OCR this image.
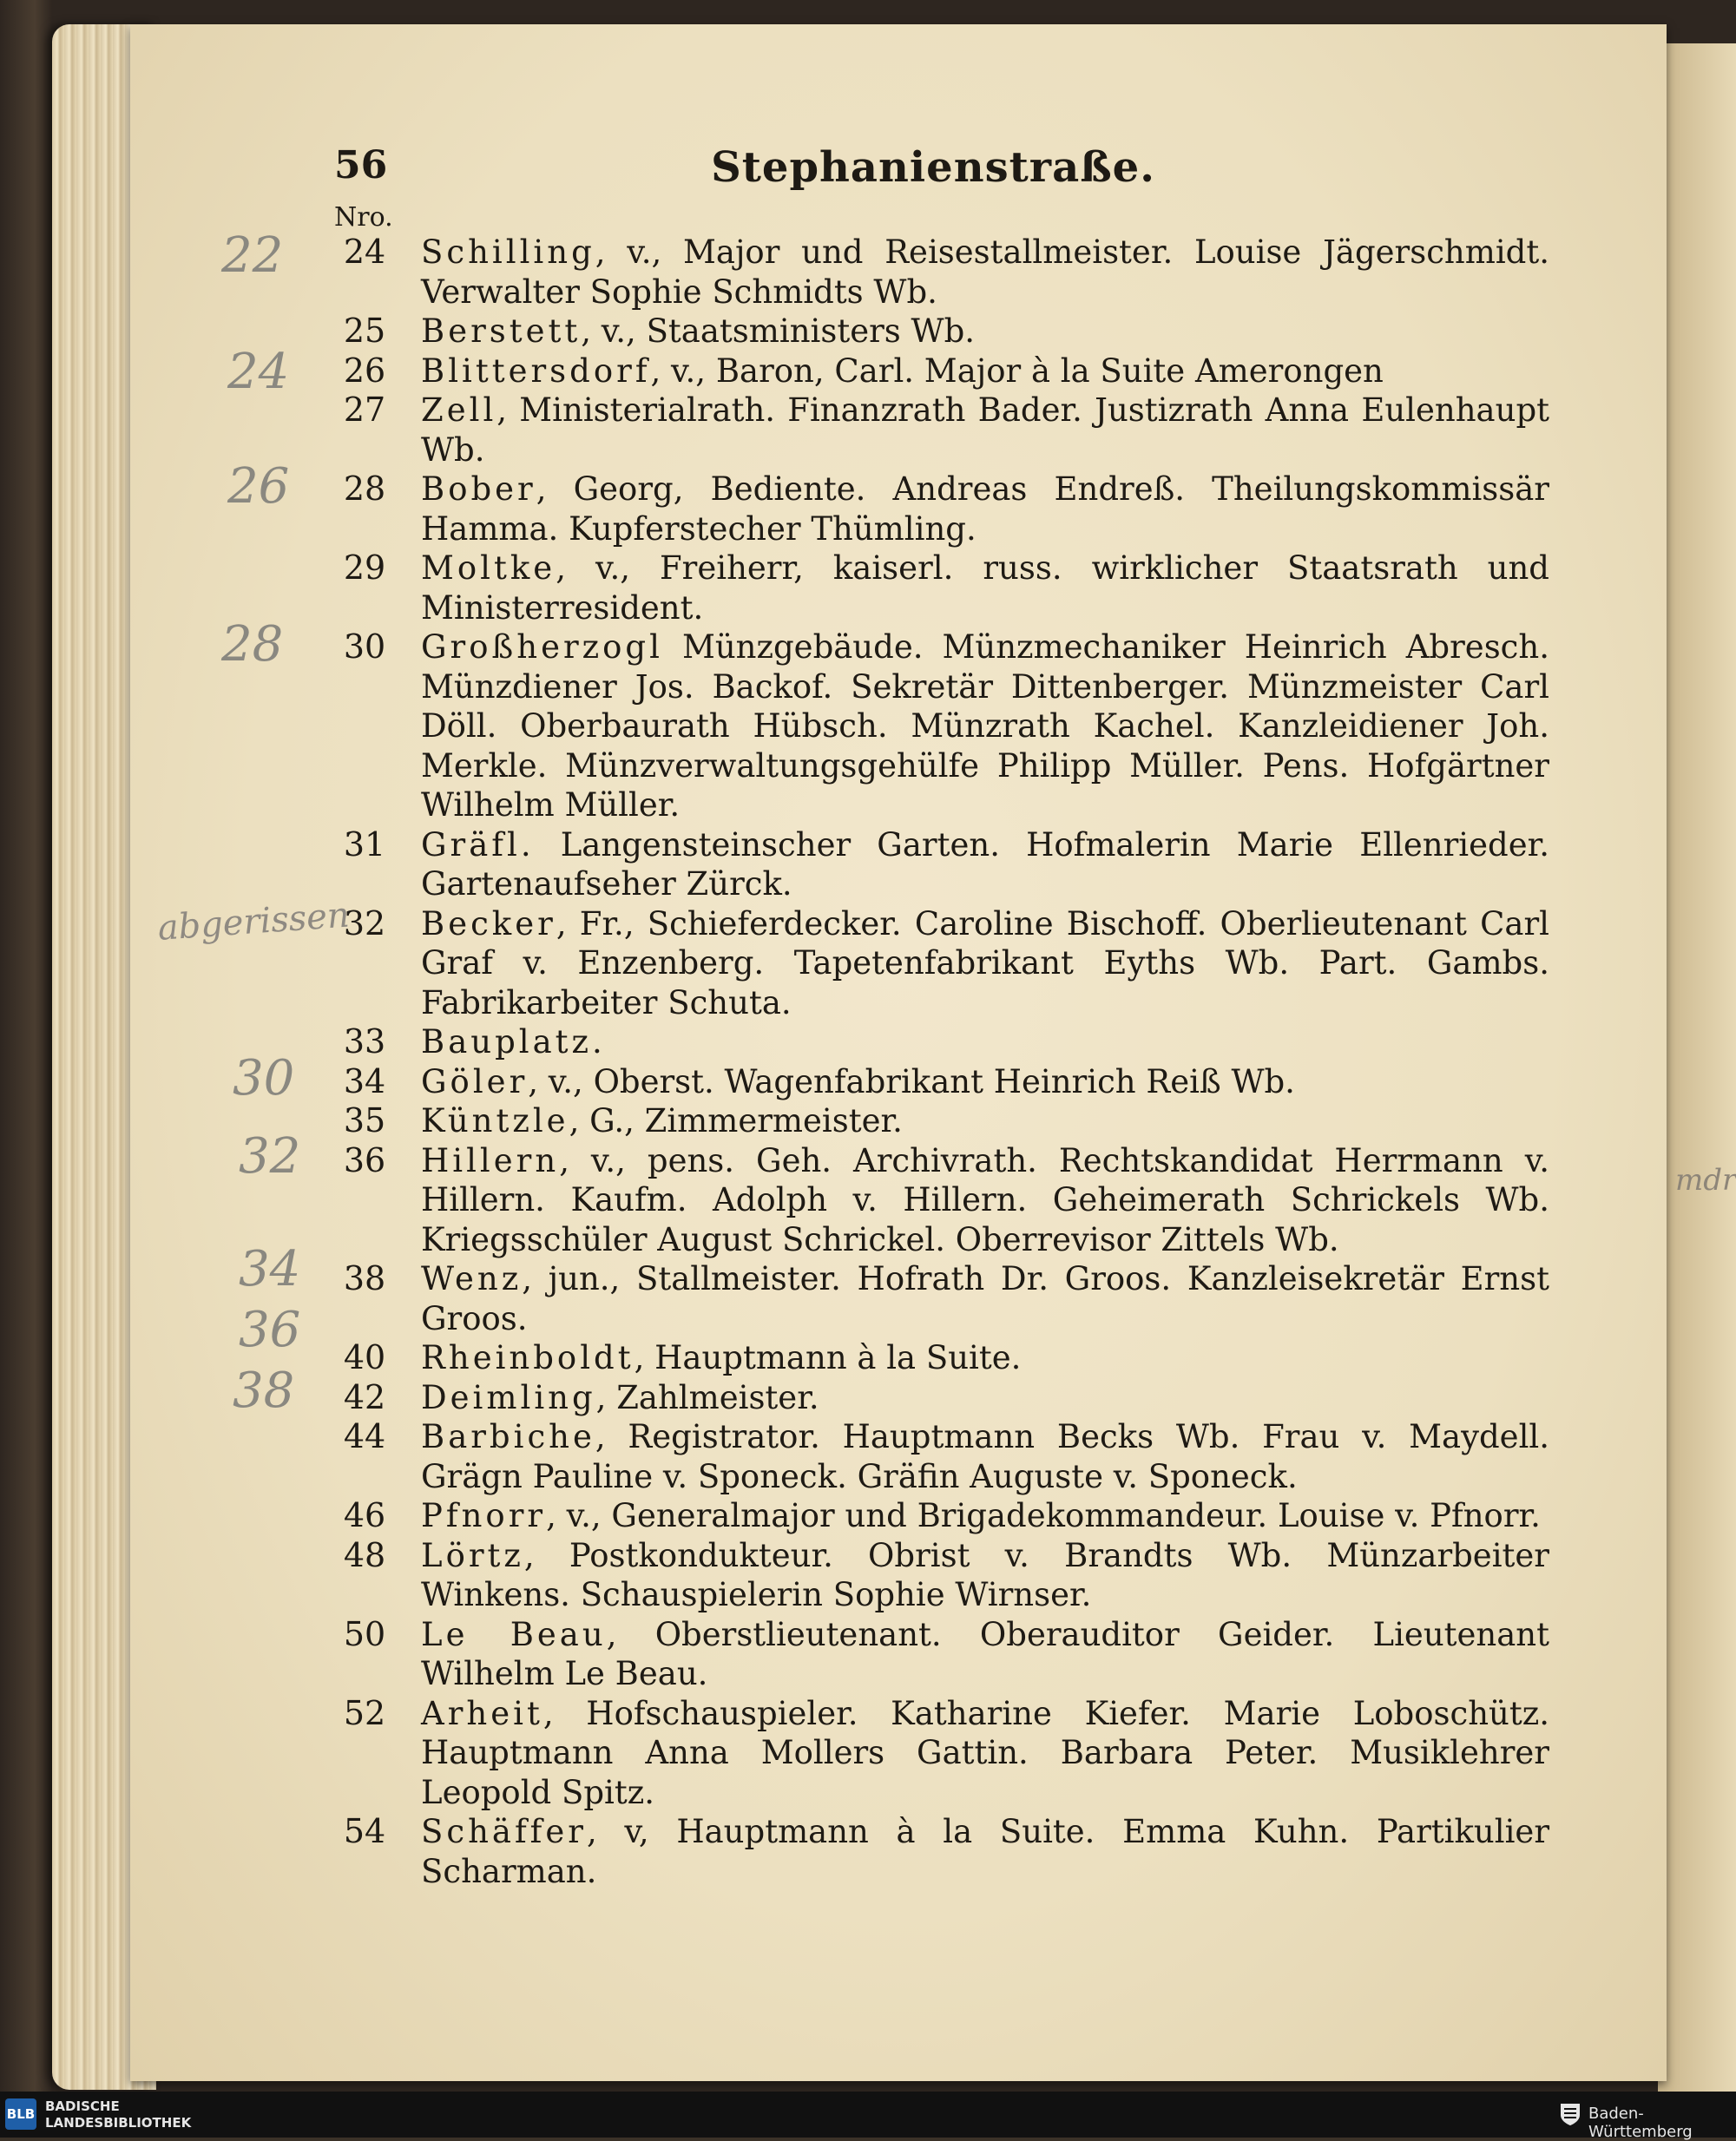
mdr
56	Stephanienstraße.
Nro.
22
24
26
28
30
32
34
36
38
abgerissen
24 Schilling, v., Major und Reisestallmeister. Louise Jägerschmidt. Verwalter Sophie Schmidts Wb.
25 Berstett, v., Staatsministers Wb.
26 Blittersdorf, v., Baron, Carl. Major à la Suite Amerongen
27 Zell, Ministerialrath. Finanzrath Bader. Justizrath Anna Eulenhaupt Wb.
28 Bober, Georg, Bediente. Andreas Endreß. Theilungskommissär Hamma. Kupferstecher Thümling.
29 Moltke, v., Freiherr, kaiserl. russ. wirklicher Staatsrath und Ministerresident.
30 Großherzogl Münzgebäude. Münzmechaniker Heinrich Abresch. Münzdiener Jos. Backof. Sekretär Dittenberger. Münzmeister Carl Döll. Oberbaurath Hübsch. Münzrath Kachel. Kanzleidiener Joh. Merkle. Münzverwaltungsgehülfe Philipp Müller. Pens. Hofgärtner Wilhelm Müller.
31 Gräfl. Langensteinscher Garten. Hofmalerin Marie Ellenrieder. Gartenaufseher Zürck.
32 Becker, Fr., Schieferdecker. Caroline Bischoff. Oberlieutenant Carl Graf v. Enzenberg. Tapetenfabrikant Eyths Wb. Part. Gambs. Fabrikarbeiter Schuta.
33 Bauplatz.
34 Göler, v., Oberst. Wagenfabrikant Heinrich Reiß Wb.
35 Küntzle, G., Zimmermeister.
36 Hillern, v., pens. Geh. Archivrath. Rechtskandidat Herrmann v. Hillern. Kaufm. Adolph v. Hillern. Geheimerath Schrickels Wb. Kriegsschüler August Schrickel. Oberrevisor Zittels Wb.
38 Wenz, jun., Stallmeister. Hofrath Dr. Groos. Kanzleisekretär Ernst Groos.
40 Rheinboldt, Hauptmann à la Suite.
42 Deimling, Zahlmeister.
44 Barbiche, Registrator. Hauptmann Becks Wb. Frau v. Maydell. Grägn Pauline v. Sponeck. Gräfin Auguste v. Sponeck.
46 Pfnorr, v., Generalmajor und Brigadekommandeur. Louise v. Pfnorr.
48 Lörtz, Postkondukteur. Obrist v. Brandts Wb. Münzarbeiter Winkens. Schauspielerin Sophie Wirnser.
50 Le Beau, Oberstlieutenant. Oberauditor Geider. Lieutenant Wilhelm Le Beau.
52 Arheit, Hofschauspieler. Katharine Kiefer. Marie Loboschütz. Hauptmann Anna Mollers Gattin. Barbara Peter. Musiklehrer Leopold Spitz.
54 Schäffer, v, Hauptmann à la Suite. Emma Kuhn. Partikulier Scharman.
BLB BADISCHE
LANDESBIBLIOTHEK	Baden-Württemberg
